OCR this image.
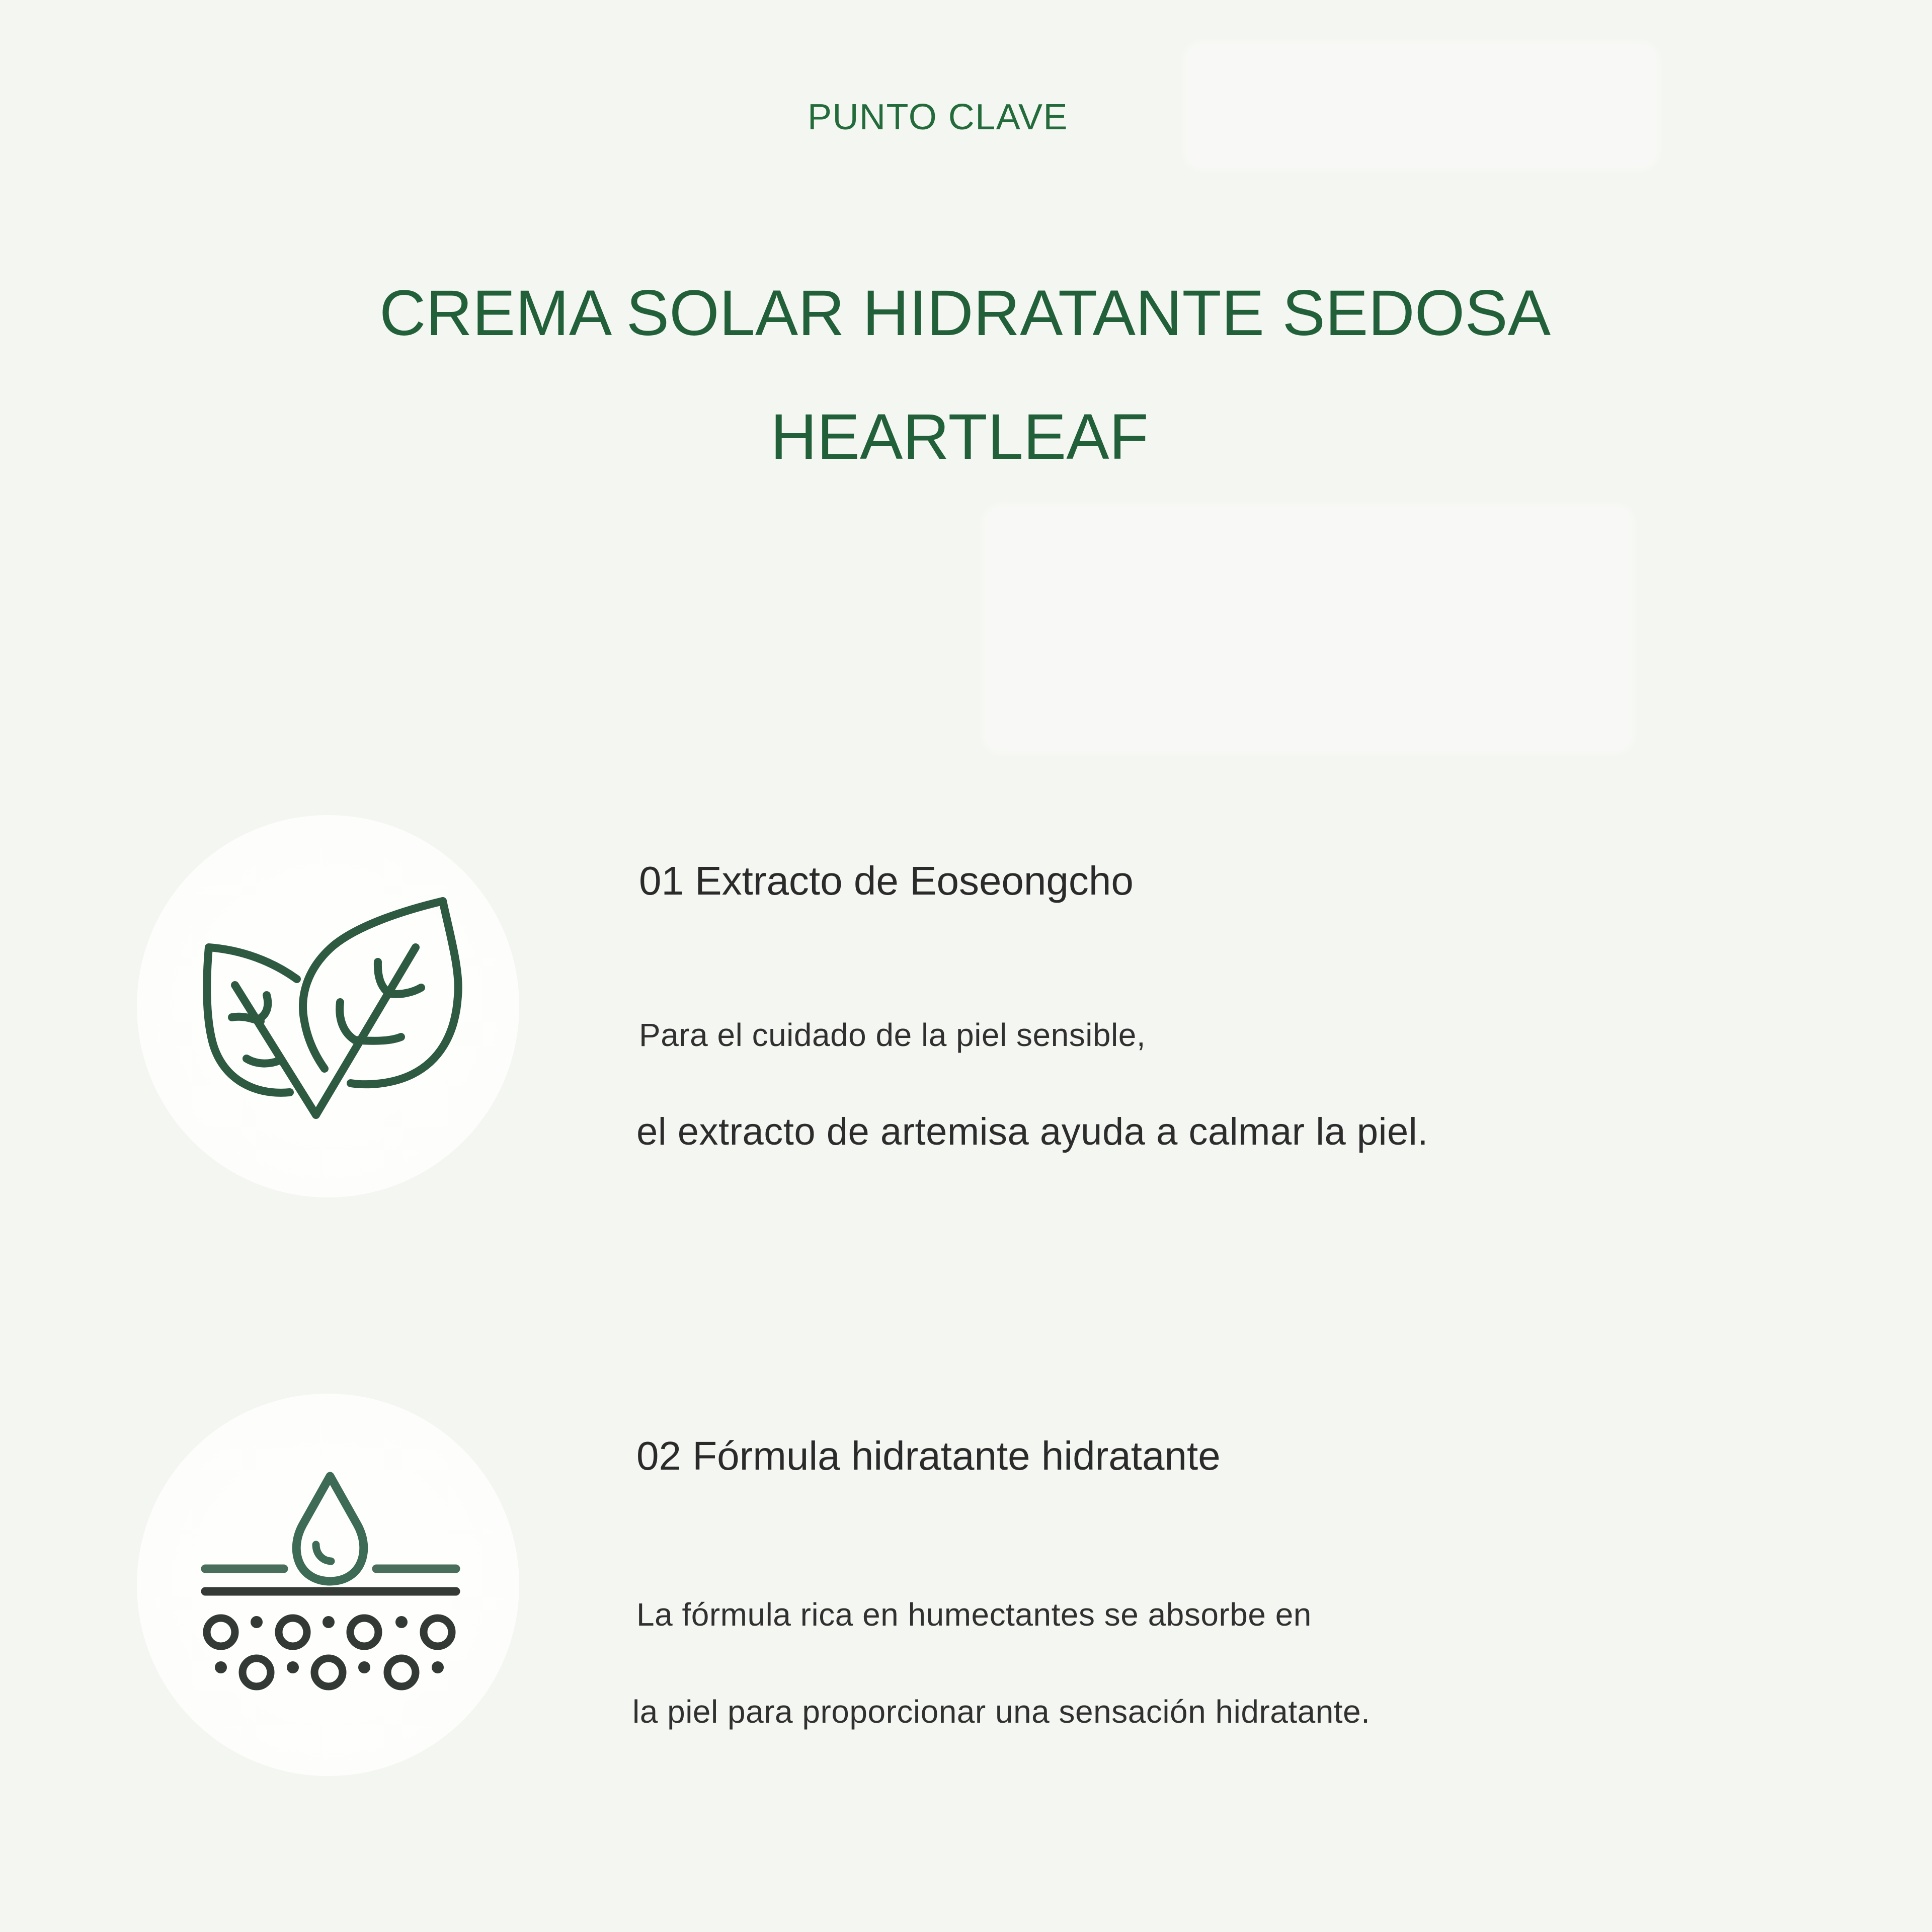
PUNTO CLAVE
CREMA SOLAR HIDRATANTE SEDOSA
HEARTLEAF
01 Extracto de Eoseongcho
Para el cuidado de la piel sensible,
el extracto de artemisa ayuda a calmar la piel.
02 Fórmula hidratante hidratante
La fórmula rica en humectantes se absorbe en
la piel para proporcionar una sensación hidratante.
